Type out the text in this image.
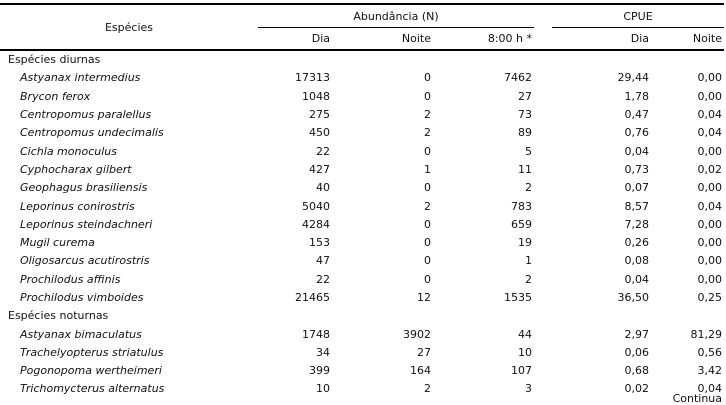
Espécies	Abundância (N)						CPUE		
	Dia		Noite		8:00 h *		Dia		Noite
Espécies diurnas									
Astyanax intermedius	17313		0		7462		29,44		0,00
Brycon ferox	1048		0		27		1,78		0,00
Centropomus paralellus	275		2		73		0,47		0,04
Centropomus undecimalis	450		2		89		0,76		0,04
Cichla monoculus	22		0		5		0,04		0,00
Cyphocharax gilbert	427		1		11		0,73		0,02
Geophagus brasiliensis	40		0		2		0,07		0,00
Leporinus conirostris	5040		2		783		8,57		0,04
Leporinus steindachneri	4284		0		659		7,28		0,00
Mugil curema	153		0		19		0,26		0,00
Oligosarcus acutirostris	47		0		1		0,08		0,00
Prochilodus affinis	22		0		2		0,04		0,00
Prochilodus vimboides	21465		12		1535		36,50		0,25
Espécies noturnas									
Astyanax bimaculatus	1748		3902		44		2,97		81,29
Trachelyopterus striatulus	34		27		10		0,06		0,56
Pogonopoma wertheimeri	399		164		107		0,68		3,42
Trichomycterus alternatus	10		2		3		0,02		0,04
Continua
